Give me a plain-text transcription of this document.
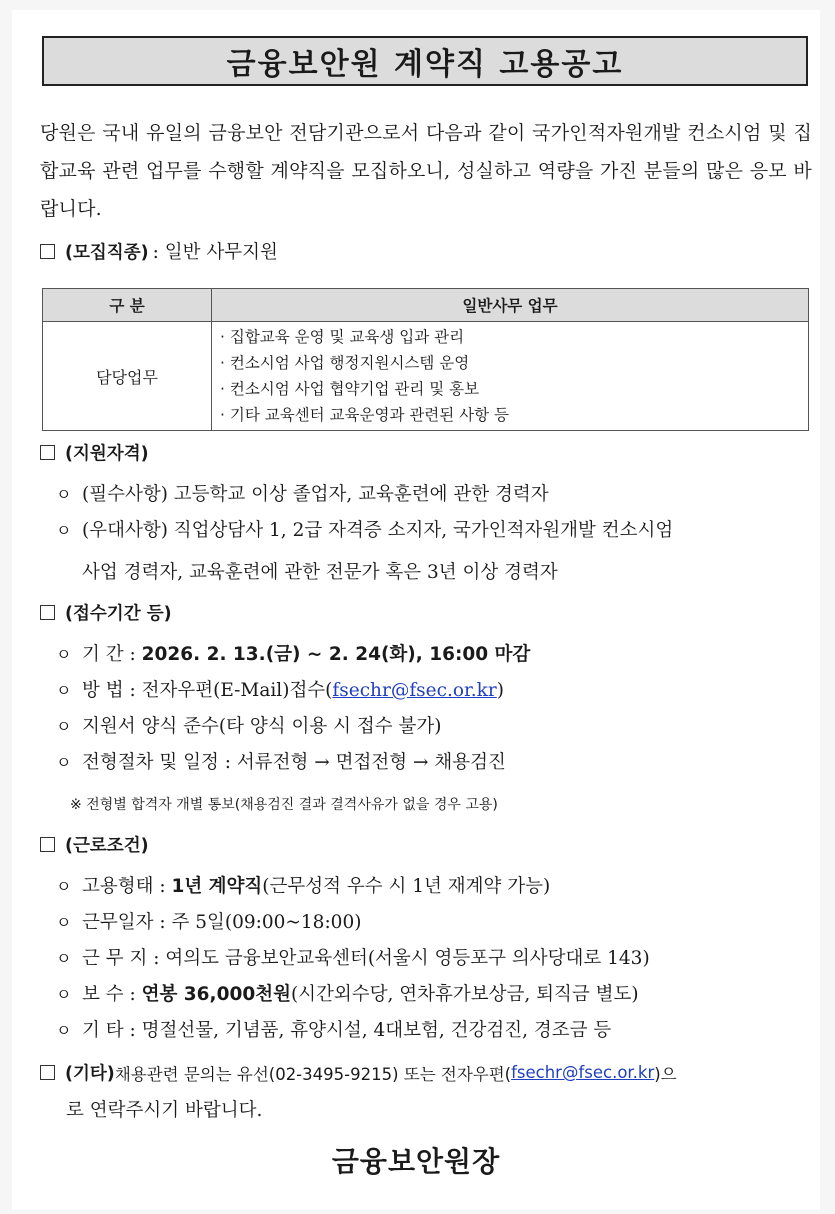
금융보안원 계약직 고용공고
당원은 국내 유일의 금융보안 전담기관으로서 다음과 같이 국가인적자원개발 컨소시엄 및 집합교육 관련 업무를 수행할 계약직을 모집하오니, 성실하고 역량을 가진 분들의 많은 응모 바랍니다.
(모집직종) : 일반 사무지원
구 분	일반사무 업무
담당업무	· 집합교육 운영 및 교육생 입과 관리
· 컨소시엄 사업 행정지원시스템 운영
· 컨소시엄 사업 협약기업 관리 및 홍보
· 기타 교육센터 교육운영과 관련된 사항 등
(지원자격)
ㅇ (필수사항) 고등학교 이상 졸업자, 교육훈련에 관한 경력자
ㅇ (우대사항) 직업상담사 1, 2급 자격증 소지자, 국가인적자원개발 컨소시엄
사업 경력자, 교육훈련에 관한 전문가 혹은 3년 이상 경력자
(접수기간 등)
ㅇ 기 간 : 2026. 2. 13.(금) ~ 2. 24(화), 16:00 마감
ㅇ 방 법 : 전자우편(E-Mail)접수(fsechr@fsec.or.kr)
ㅇ 지원서 양식 준수(타 양식 이용 시 접수 불가)
ㅇ 전형절차 및 일정 : 서류전형 → 면접전형 → 채용검진
※ 전형별 합격자 개별 통보(채용검진 결과 결격사유가 없을 경우 고용)
(근로조건)
ㅇ 고용형태 : 1년 계약직(근무성적 우수 시 1년 재계약 가능)
ㅇ 근무일자 : 주 5일(09:00~18:00)
ㅇ 근 무 지 : 여의도 금융보안교육센터(서울시 영등포구 의사당대로 143)
ㅇ 보 수 : 연봉 36,000천원(시간외수당, 연차휴가보상금, 퇴직금 별도)
ㅇ 기 타 : 명절선물, 기념품, 휴양시설, 4대보험, 건강검진, 경조금 등
(기타) 채용관련 문의는 유선(02-3495-9215) 또는 전자우편( fsechr@fsec.or.kr )으
로 연락주시기 바랍니다.
금융보안원장
